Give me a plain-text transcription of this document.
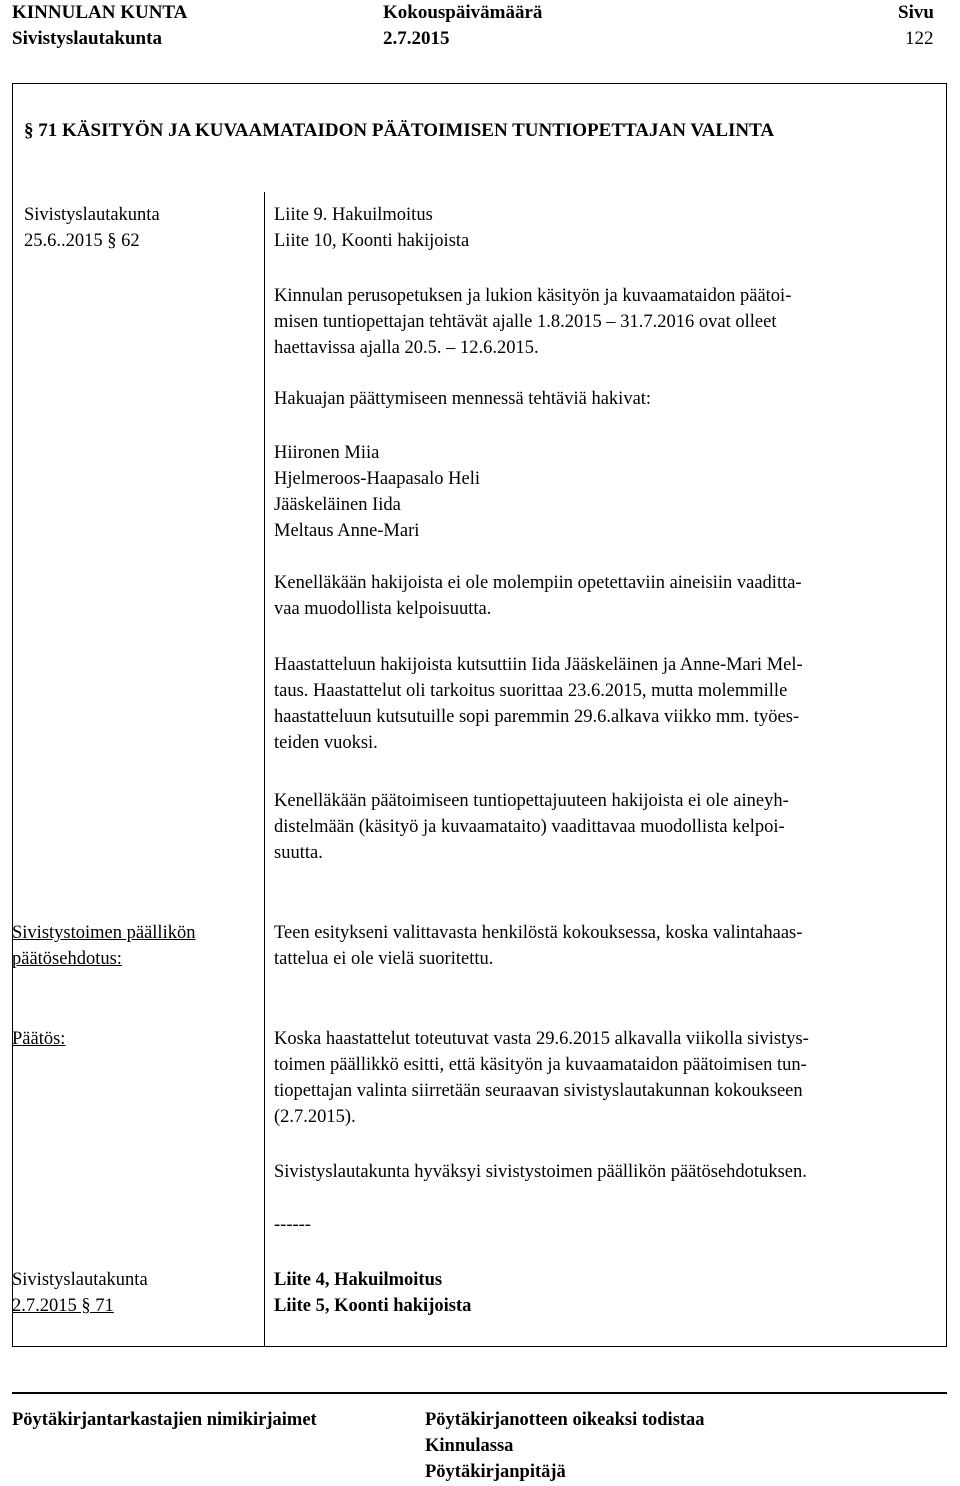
KINNULAN KUNTA
Sivistyslautakunta
Kokouspäivämäärä
2.7.2015
Sivu
122
§ 71 KÄSITYÖN JA KUVAAMATAIDON PÄÄTOIMISEN TUNTIOPETTAJAN VALINTA
Sivistyslautakunta
25.6..2015 § 62
Liite 9. Hakuilmoitus
Liite 10, Koonti hakijoista
Kinnulan perusopetuksen ja lukion käsityön ja kuvaamataidon päätoi-
misen tuntiopettajan tehtävät ajalle 1.8.2015 – 31.7.2016 ovat olleet
haettavissa ajalla 20.5. – 12.6.2015.
Hakuajan päättymiseen mennessä tehtäviä hakivat:
Hiironen Miia
Hjelmeroos-Haapasalo Heli
Jääskeläinen Iida
Meltaus Anne-Mari
Kenelläkään hakijoista ei ole molempiin opetettaviin aineisiin vaaditta-
vaa muodollista kelpoisuutta.
Haastatteluun hakijoista kutsuttiin Iida Jääskeläinen ja Anne-Mari Mel-
taus. Haastattelut oli tarkoitus suorittaa 23.6.2015, mutta molemmille
haastatteluun kutsutuille sopi paremmin 29.6.alkava viikko mm. työes-
teiden vuoksi.
Kenelläkään päätoimiseen tuntiopettajuuteen hakijoista ei ole aineyh-
distelmään (käsityö ja kuvaamataito) vaadittavaa muodollista kelpoi-
suutta.
Sivistystoimen päällikön
päätösehdotus:
Teen esitykseni valittavasta henkilöstä kokouksessa, koska valintahaas-
tattelua ei ole vielä suoritettu.
Päätös:	Koska haastattelut toteutuvat vasta 29.6.2015 alkavalla viikolla sivistys-
toimen päällikkö esitti, että käsityön ja kuvaamataidon päätoimisen tun-
tiopettajan valinta siirretään seuraavan sivistyslautakunnan kokoukseen
(2.7.2015).
Sivistyslautakunta hyväksyi sivistystoimen päällikön päätösehdotuksen.
------
Sivistyslautakunta
2.7.2015 § 71
Liite 4, Hakuilmoitus
Liite 5, Koonti hakijoista
Pöytäkirjantarkastajien nimikirjaimet	Pöytäkirjanotteen oikeaksi todistaa
Kinnulassa
Pöytäkirjanpitäjä
